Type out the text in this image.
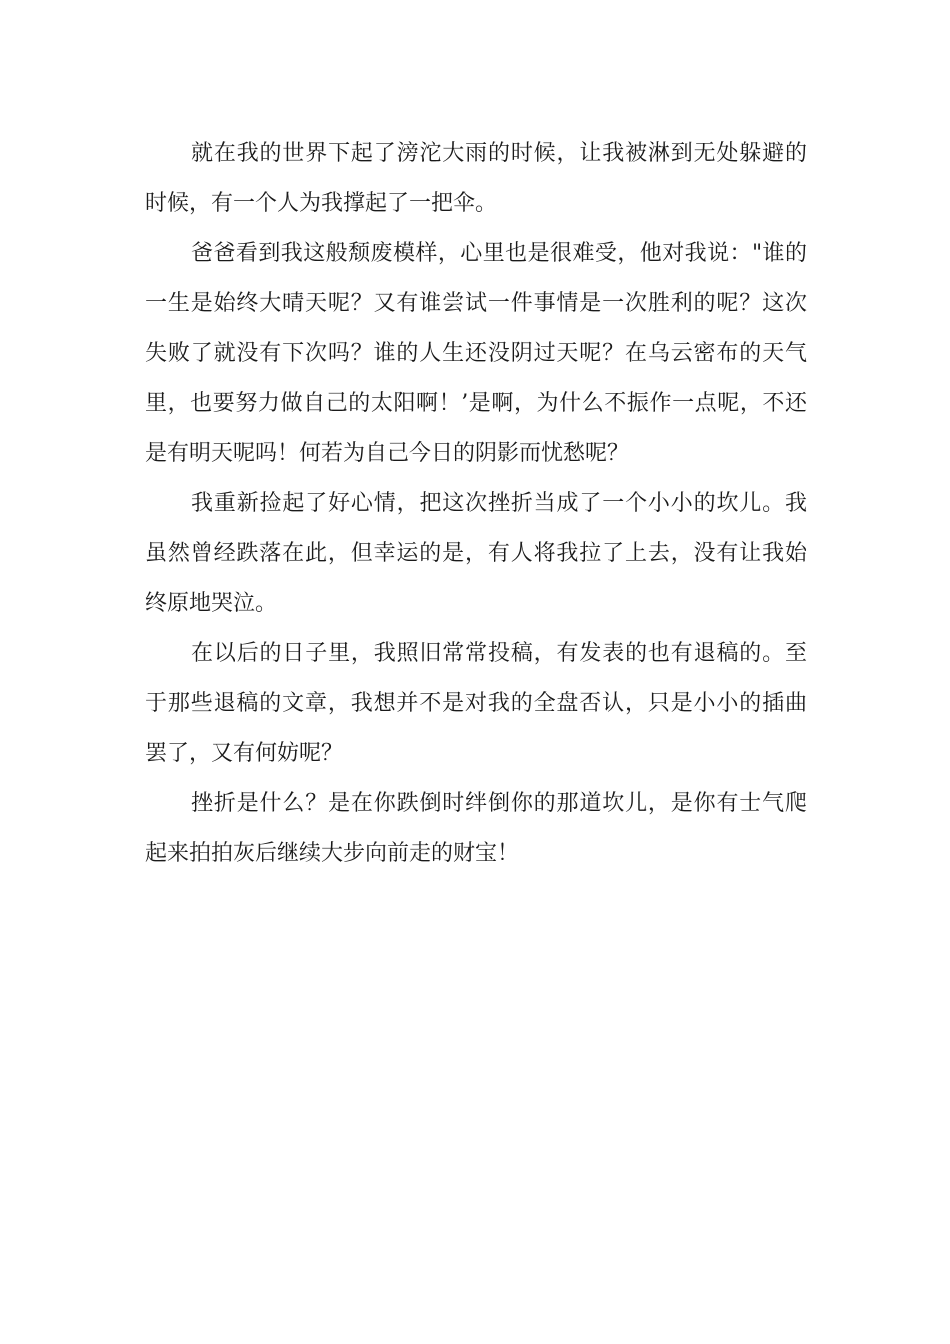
就在我的世界下起了滂沱大雨的时候，让我被淋到无处躲避的
时候，有一个人为我撑起了一把伞。
爸爸看到我这般颓废模样，心里也是很难受，他对我说："谁的
一生是始终大晴天呢？又有谁尝试一件事情是一次胜利的呢？这次
失败了就没有下次吗？谁的人生还没阴过天呢？在乌云密布的天气
里，也要努力做自己的太阳啊！’是啊，为什么不振作一点呢，不还
是有明天呢吗！何若为自己今日的阴影而忧愁呢？
我重新捡起了好心情，把这次挫折当成了一个小小的坎儿。我
虽然曾经跌落在此，但幸运的是，有人将我拉了上去，没有让我始
终原地哭泣。
在以后的日子里，我照旧常常投稿，有发表的也有退稿的。至
于那些退稿的文章，我想并不是对我的全盘否认，只是小小的插曲
罢了，又有何妨呢？
挫折是什么？是在你跌倒时绊倒你的那道坎儿，是你有士气爬
起来拍拍灰后继续大步向前走的财宝！
